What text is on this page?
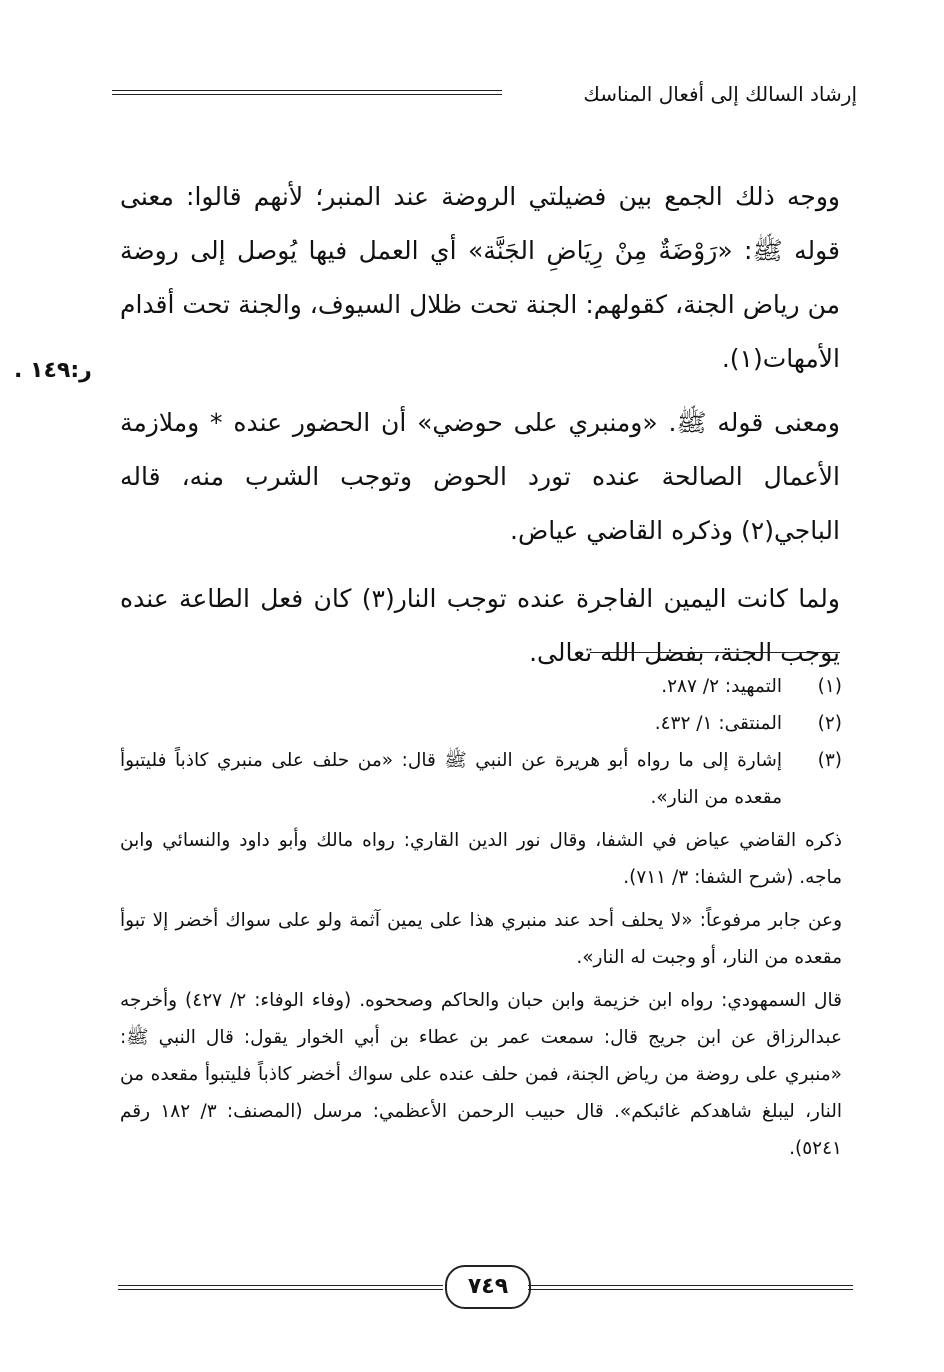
إرشاد السالك إلى أفعال المناسك
ر:١٤٩ .

ووجه ذلك الجمع بين فضيلتي الروضة عند المنبر؛ لأنهم قالوا: معنى قوله ﷺ: «رَوْضَةٌ مِنْ رِيَاضِ الجَنَّة» أي العمل فيها يُوصل إلى روضة من رياض الجنة، كقولهم: الجنة تحت ظلال السيوف، والجنة تحت أقدام الأمهات(١).

ومعنى قوله ﷺ. «ومنبري على حوضي» أن الحضور عنده * وملازمة الأعمال الصالحة عنده تورد الحوض وتوجب الشرب منه، قاله الباجي(٢) وذكره القاضي عياض.

ولما كانت اليمين الفاجرة عنده توجب النار(٣) كان فعل الطاعة عنده يوجب الجنة، بفضل الله تعالى.

(١)
التمهيد: ٢/ ٢٨٧.
(٢)
المنتقى: ١/ ٤٣٢.
(٣)
إشارة إلى ما رواه أبو هريرة عن النبي ﷺ قال: «من حلف على منبري كاذباً فليتبوأ مقعده من النار».
ذكره القاضي عياض في الشفا، وقال نور الدين القاري: رواه مالك وأبو داود والنسائي وابن ماجه. (شرح الشفا: ٣/ ٧١١).
وعن جابر مرفوعاً: «لا يحلف أحد عند منبري هذا على يمين آثمة ولو على سواك أخضر إلا تبوأ مقعده من النار، أو وجبت له النار».
قال السمهودي: رواه ابن خزيمة وابن حبان والحاكم وصححوه. (وفاء الوفاء: ٢/ ٤٢٧) وأخرجه عبدالرزاق عن ابن جريج قال: سمعت عمر بن عطاء بن أبي الخوار يقول: قال النبي ﷺ: «منبري على روضة من رياض الجنة، فمن حلف عنده على سواك أخضر كاذباً فليتبوأ مقعده من النار، ليبلغ شاهدكم غائبكم». قال حبيب الرحمن الأعظمي: مرسل (المصنف: ٣/ ١٨٢ رقم ٥٢٤١).
٧٤٩
